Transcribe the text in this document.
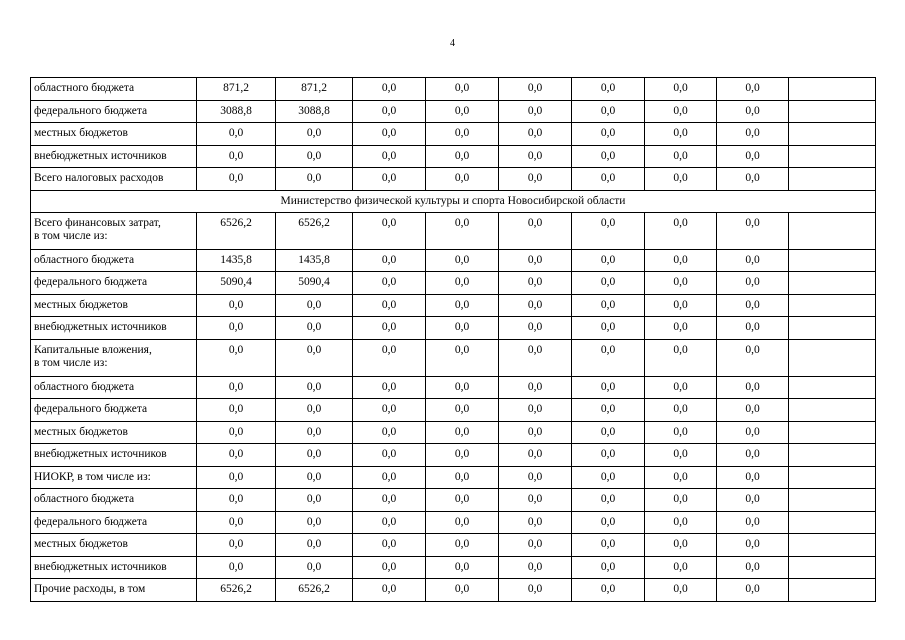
4
областного бюджета	871,2	871,2	0,0	0,0	0,0	0,0	0,0	0,0	

федерального бюджета	3088,8	3088,8	0,0	0,0	0,0	0,0	0,0	0,0	

местных бюджетов	0,0	0,0	0,0	0,0	0,0	0,0	0,0	0,0	

внебюджетных источников	0,0	0,0	0,0	0,0	0,0	0,0	0,0	0,0	

Всего налоговых расходов	0,0	0,0	0,0	0,0	0,0	0,0	0,0	0,0	
Министерство физической культуры и спорта Новосибирской области									

Всего финансовых затрат,
в том числе из:	6526,2	6526,2	0,0	0,0	0,0	0,0	0,0	0,0	

областного бюджета	1435,8	1435,8	0,0	0,0	0,0	0,0	0,0	0,0	

федерального бюджета	5090,4	5090,4	0,0	0,0	0,0	0,0	0,0	0,0	

местных бюджетов	0,0	0,0	0,0	0,0	0,0	0,0	0,0	0,0	

внебюджетных источников	0,0	0,0	0,0	0,0	0,0	0,0	0,0	0,0	

Капитальные вложения,
в том числе из:	0,0	0,0	0,0	0,0	0,0	0,0	0,0	0,0	

областного бюджета	0,0	0,0	0,0	0,0	0,0	0,0	0,0	0,0	

федерального бюджета	0,0	0,0	0,0	0,0	0,0	0,0	0,0	0,0	

местных бюджетов	0,0	0,0	0,0	0,0	0,0	0,0	0,0	0,0	

внебюджетных источников	0,0	0,0	0,0	0,0	0,0	0,0	0,0	0,0	

НИОКР, в том числе из:	0,0	0,0	0,0	0,0	0,0	0,0	0,0	0,0	

областного бюджета	0,0	0,0	0,0	0,0	0,0	0,0	0,0	0,0	

федерального бюджета	0,0	0,0	0,0	0,0	0,0	0,0	0,0	0,0	

местных бюджетов	0,0	0,0	0,0	0,0	0,0	0,0	0,0	0,0	

внебюджетных источников	0,0	0,0	0,0	0,0	0,0	0,0	0,0	0,0	

Прочие расходы, в том	6526,2	6526,2	0,0	0,0	0,0	0,0	0,0	0,0	
